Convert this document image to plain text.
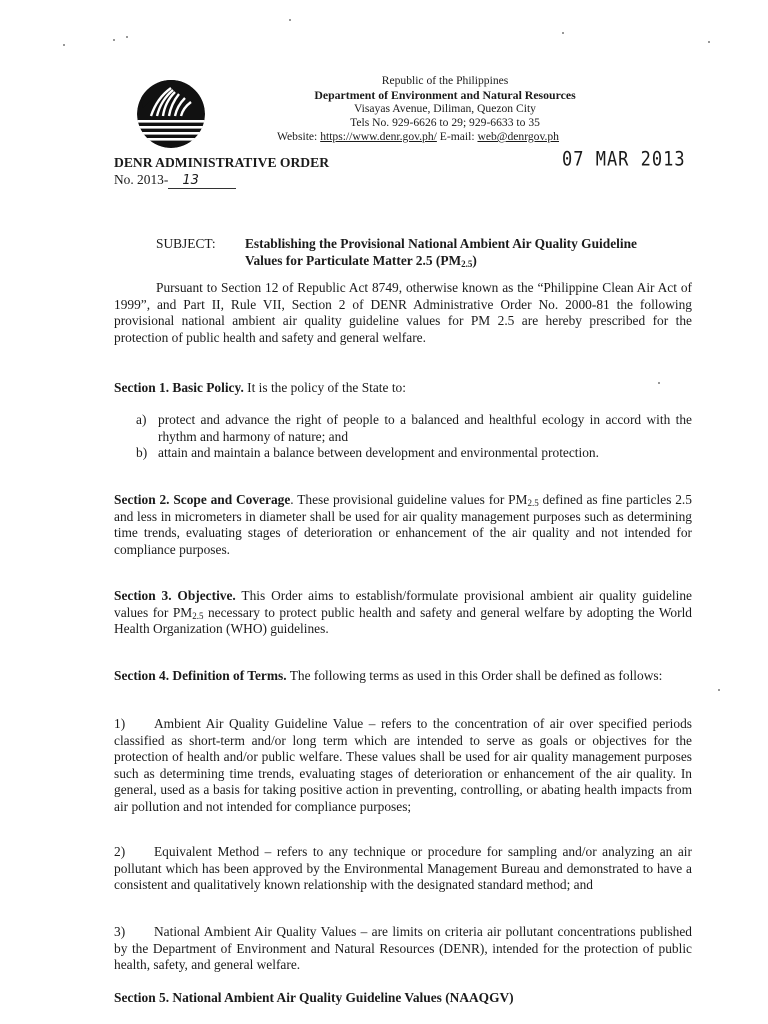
Republic of the Philippines
Department of Environment and Natural Resources
Visayas Avenue, Diliman, Quezon City
Tels No. 929-6626 to 29; 929-6633 to 35
Website: https://www.denr.gov.ph/ E-mail: web@denrgov.ph
DENR ADMINISTRATIVE ORDER
No. 2013- 13
07 MAR 2013
SUBJECT: Establishing the Provisional National Ambient Air Quality Guideline
Values for Particulate Matter 2.5 $(PM_{2.5})$
Pursuant to Section 12 of Republic Act 8749, otherwise known as the “Philippine Clean Air Act of 1999”, and Part II, Rule VII, Section 2 of DENR Administrative Order No. 2000-81 the following provisional national ambient air quality guideline values for PM 2.5 are hereby prescribed for the protection of public health and safety and general welfare.
Section 1. Basic Policy. It is the policy of the State to:
a) protect and advance the right of people to a balanced and healthful ecology in accord with the rhythm and harmony of nature; and
b) attain and maintain a balance between development and environmental protection.
Section 2. Scope and Coverage. These provisional guideline values for $PM_{2.5}$ defined as fine particles 2.5 and less in micrometers in diameter shall be used for air quality management purposes such as determining time trends, evaluating stages of deterioration or enhancement of the air quality and not intended for compliance purposes.
Section 3. Objective. This Order aims to establish/formulate provisional ambient air quality guideline values for $PM_{2.5}$ necessary to protect public health and safety and general welfare by adopting the World Health Organization (WHO) guidelines.
Section 4. Definition of Terms. The following terms as used in this Order shall be defined as follows:
1) Ambient Air Quality Guideline Value – refers to the concentration of air over specified periods classified as short-term and/or long term which are intended to serve as goals or objectives for the protection of health and/or public welfare. These values shall be used for air quality management purposes such as determining time trends, evaluating stages of deterioration or enhancement of the air quality. In general, used as a basis for taking positive action in preventing, controlling, or abating health impacts from air pollution and not intended for compliance purposes;
2) Equivalent Method – refers to any technique or procedure for sampling and/or analyzing an air pollutant which has been approved by the Environmental Management Bureau and demonstrated to have a consistent and qualitatively known relationship with the designated standard method; and
3) National Ambient Air Quality Values – are limits on criteria air pollutant concentrations published by the Department of Environment and Natural Resources (DENR), intended for the protection of public health, safety, and general welfare.
Section 5. National Ambient Air Quality Guideline Values (NAAQGV)
